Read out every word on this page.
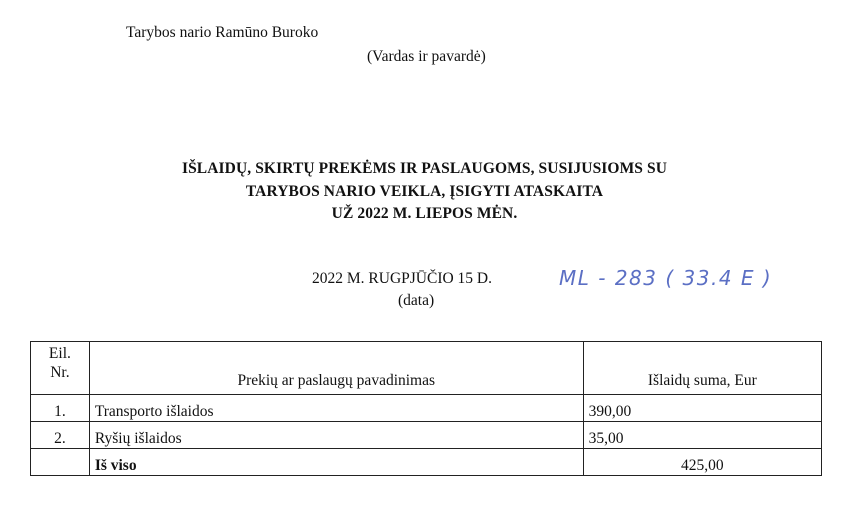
Tarybos nario Ramūno Buroko
(Vardas ir pavardė)
IŠLAIDŲ, SKIRTŲ PREKĖMS IR PASLAUGOMS, SUSIJUSIOMS SU
TARYBOS NARIO VEIKLA, ĮSIGYTI ATASKAITA
UŽ 2022 M. LIEPOS MĖN.
2022 M. RUGPJŪČIO 15 D.
(data)
ML - 283 ( 33.4 E )
Eil.
Nr.	Prekių ar paslaugų pavadinimas	Išlaidų suma, Eur
1.	Transporto išlaidos	390,00
2.	Ryšių išlaidos	35,00
	Iš viso	425,00
